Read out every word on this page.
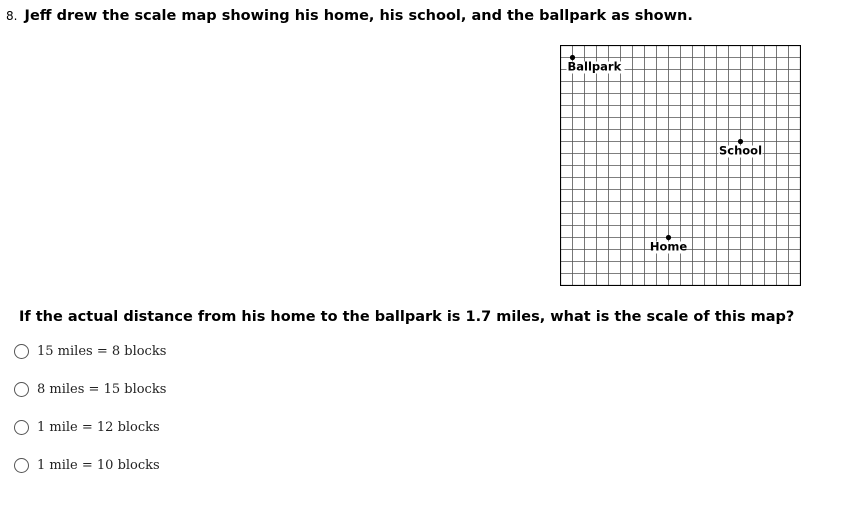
8. Jeff drew the scale map showing his home, his school, and the ballpark as shown.
Ballpark
School
Home
If the actual distance from his home to the ballpark is 1.7 miles, what is the scale of this map?
15 miles = 8 blocks
8 miles = 15 blocks
1 mile = 12 blocks
1 mile = 10 blocks
